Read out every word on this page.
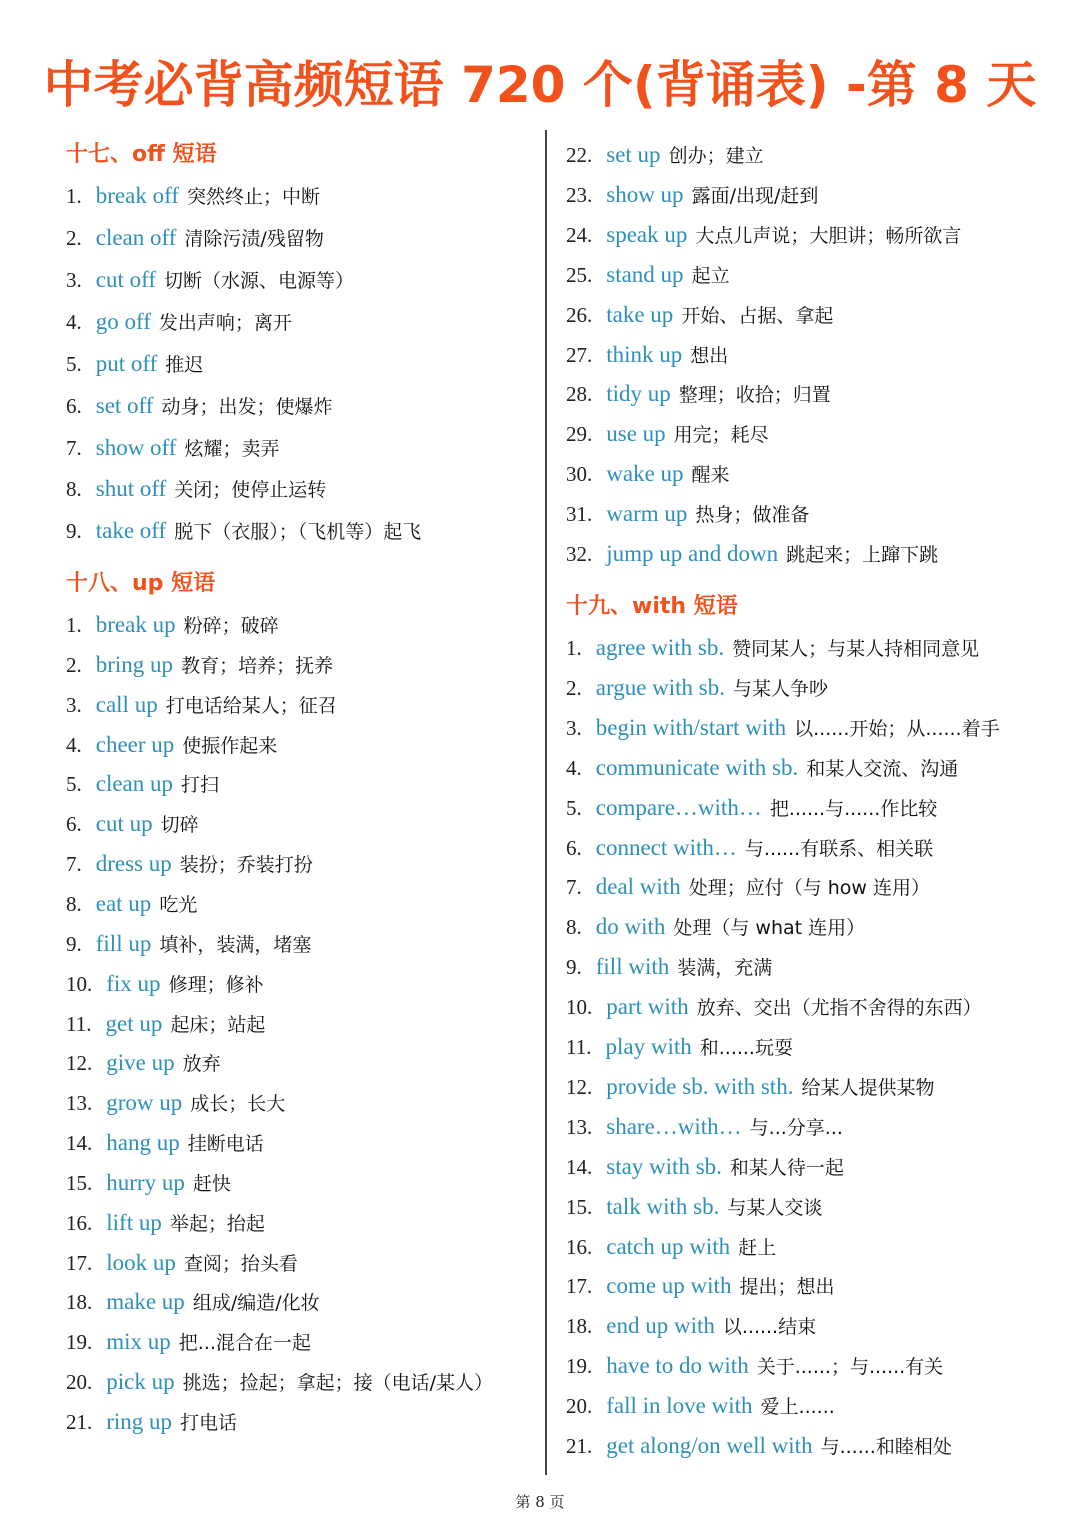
中考必背高频短语 720 个(背诵表) -第 8 天
十七、off 短语
1. break off 突然终止；中断
2. clean off 清除污渍/残留物
3. cut off 切断（水源、电源等）
4. go off 发出声响；离开
5. put off 推迟
6. set off 动身；出发；使爆炸
7. show off 炫耀；卖弄
8. shut off 关闭；使停止运转
9. take off 脱下（衣服）；（飞机等）起飞
十八、up 短语
1. break up 粉碎；破碎
2. bring up 教育；培养；抚养
3. call up 打电话给某人；征召
4. cheer up 使振作起来
5. clean up 打扫
6. cut up 切碎
7. dress up 装扮；乔装打扮
8. eat up 吃光
9. fill up 填补，装满，堵塞
10. fix up 修理；修补
11. get up 起床；站起
12. give up 放弃
13. grow up 成长；长大
14. hang up 挂断电话
15. hurry up 赶快
16. lift up 举起；抬起
17. look up 查阅；抬头看
18. make up 组成/编造/化妆
19. mix up 把...混合在一起
20. pick up 挑选；捡起；拿起；接（电话/某人）
21. ring up 打电话
22. set up 创办；建立
23. show up 露面/出现/赶到
24. speak up 大点儿声说；大胆讲；畅所欲言
25. stand up 起立
26. take up 开始、占据、拿起
27. think up 想出
28. tidy up 整理；收拾；归置
29. use up 用完；耗尽
30. wake up 醒来
31. warm up 热身；做准备
32. jump up and down 跳起来；上蹿下跳
十九、with 短语
1. agree with sb. 赞同某人；与某人持相同意见
2. argue with sb. 与某人争吵
3. begin with/start with 以......开始；从......着手
4. communicate with sb. 和某人交流、沟通
5. compare…with… 把......与......作比较
6. connect with… 与......有联系、相关联
7. deal with 处理；应付（与 how 连用）
8. do with 处理（与 what 连用）
9. fill with 装满，充满
10. part with 放弃、交出（尤指不舍得的东西）
11. play with 和......玩耍
12. provide sb. with sth. 给某人提供某物
13. share…with… 与...分享...
14. stay with sb. 和某人待一起
15. talk with sb. 与某人交谈
16. catch up with 赶上
17. come up with 提出；想出
18. end up with 以......结束
19. have to do with 关于......；与......有关
20. fall in love with 爱上......
21. get along/on well with 与......和睦相处
第 8 页
